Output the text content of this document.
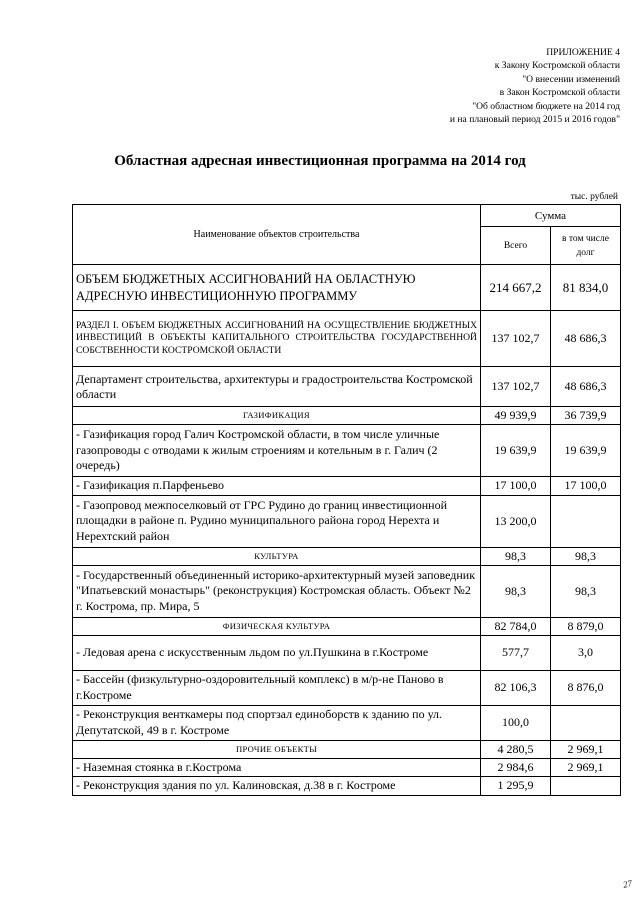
ПРИЛОЖЕНИЕ 4
к Закону Костромской области
"О внесении изменений
в Закон Костромской области
"Об областном бюджете на 2014 год
и на плановый период 2015 и 2016 годов"
Областная адресная инвестиционная программа на 2014 год
тыс. рублей
Наименование объектов строительства	Сумма	
	Всего	в том числе долг
ОБЪЕМ БЮДЖЕТНЫХ АССИГНОВАНИЙ НА ОБЛАСТНУЮ АДРЕСНУЮ ИНВЕСТИЦИОННУЮ ПРОГРАММУ	214 667,2	81 834,0
РАЗДЕЛ I. ОБЪЕМ БЮДЖЕТНЫХ АССИГНОВАНИЙ НА ОСУЩЕСТВЛЕНИЕ БЮДЖЕТНЫХ ИНВЕСТИЦИЙ В ОБЪЕКТЫ КАПИТАЛЬНОГО СТРОИТЕЛЬСТВА ГОСУДАРСТВЕННОЙ СОБСТВЕННОСТИ КОСТРОМСКОЙ ОБЛАСТИ	137 102,7	48 686,3
Департамент строительства, архитектуры и градостроительства Костромской области	137 102,7	48 686,3
ГАЗИФИКАЦИЯ	49 939,9	36 739,9
- Газификация город Галич Костромской области, в том числе уличные газопроводы с отводами к жилым строениям и котельным в г. Галич (2 очередь)	19 639,9	19 639,9
- Газификация п.Парфеньево	17 100,0	17 100,0
- Газопровод межпоселковый от ГРС Рудино до границ инвестиционной площадки в районе п. Рудино муниципального района город Нерехта и Нерехтский район	13 200,0	
КУЛЬТУРА	98,3	98,3
- Государственный объединенный историко-архитектурный музей заповедник "Ипатьевский монастырь" (реконструкция) Костромская область. Объект №2 г. Кострома, пр. Мира, 5	98,3	98,3
ФИЗИЧЕСКАЯ КУЛЬТУРА	82 784,0	8 879,0
- Ледовая арена с искусственным льдом по ул.Пушкина в г.Костроме	577,7	3,0
- Бассейн (физкультурно-оздоровительный комплекс) в м/р-не Паново в г.Костроме	82 106,3	8 876,0
- Реконструкция венткамеры под спортзал единоборств к зданию по ул. Депутатской, 49 в г. Костроме	100,0	
ПРОЧИЕ ОБЪЕКТЫ	4 280,5	2 969,1
- Наземная стоянка в г.Кострома	2 984,6	2 969,1
- Реконструкция здания по ул. Калиновская, д.38 в г. Костроме	1 295,9	
27
